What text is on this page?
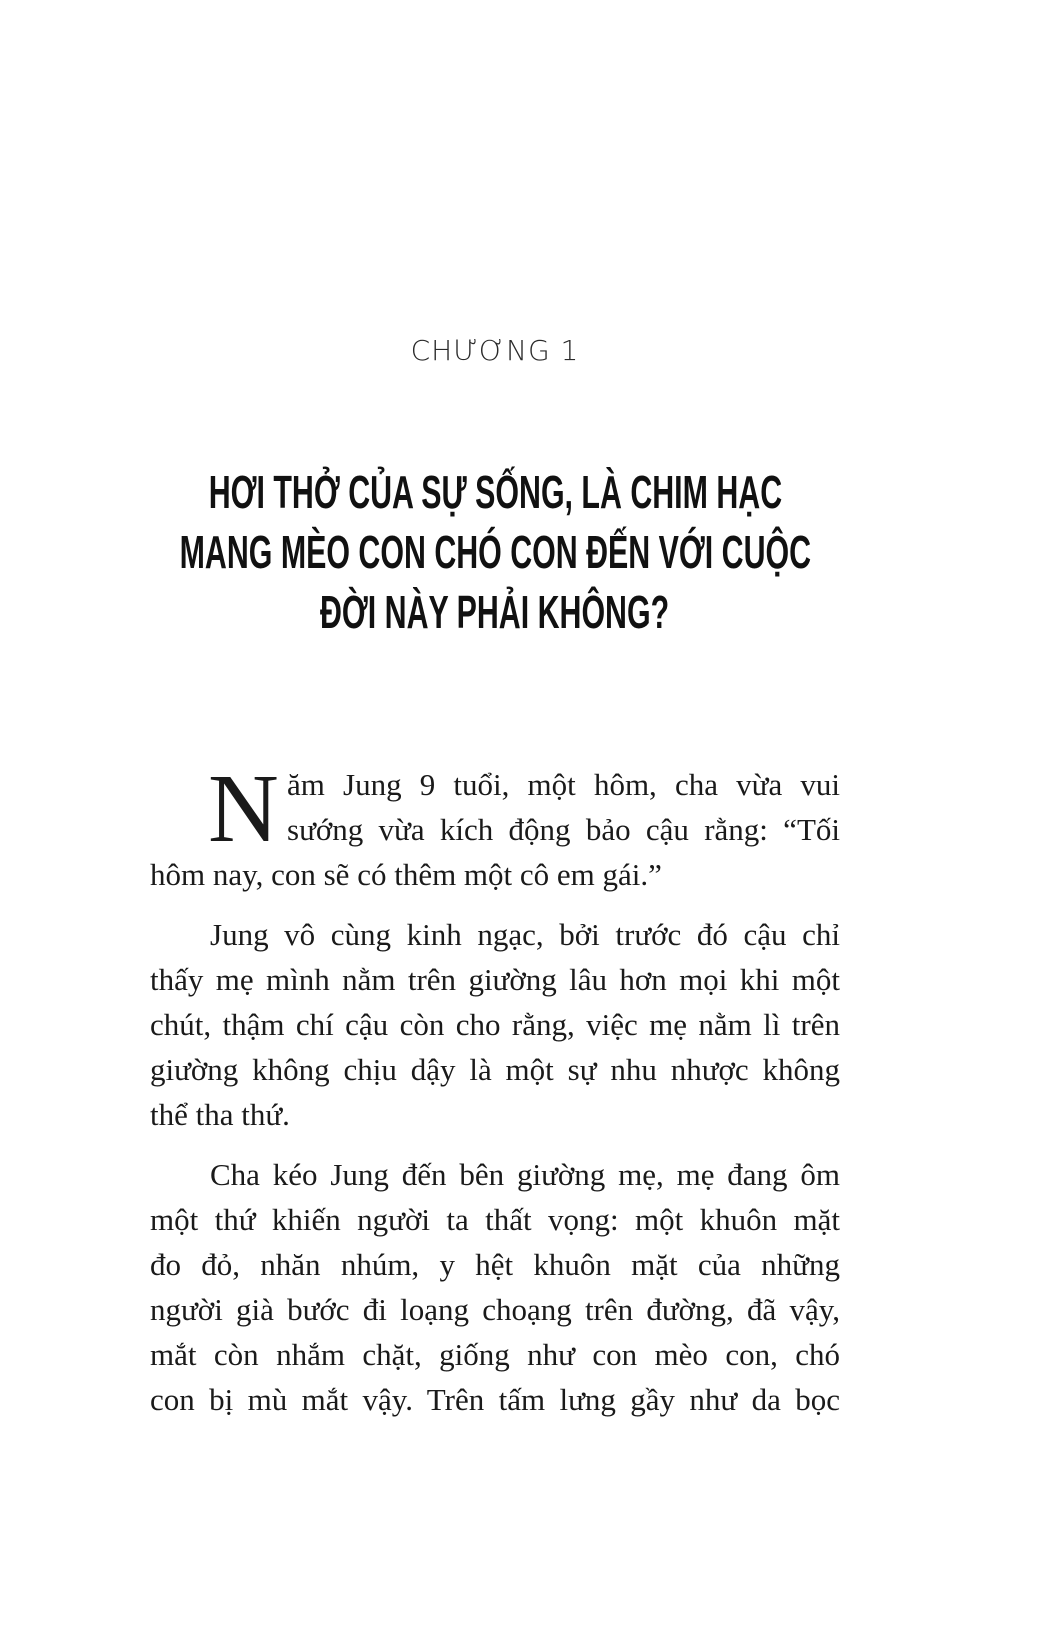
CHƯƠNG 1
HƠI THỞ CỦA SỰ SỐNG, LÀ CHIM HẠC
MANG MÈO CON CHÓ CON ĐẾN VỚI CUỘC
ĐỜI NÀY PHẢI KHÔNG?
N ăm Jung 9 tuổi, một hôm, cha vừa vui
sướng vừa kích động bảo cậu rằng: “Tối
hôm nay, con sẽ có thêm một cô em gái.”
Jung vô cùng kinh ngạc, bởi trước đó cậu chỉ
thấy mẹ mình nằm trên giường lâu hơn mọi khi một
chút, thậm chí cậu còn cho rằng, việc mẹ nằm lì trên
giường không chịu dậy là một sự nhu nhược không
thể tha thứ.
Cha kéo Jung đến bên giường mẹ, mẹ đang ôm
một thứ khiến người ta thất vọng: một khuôn mặt
đo đỏ, nhăn nhúm, y hệt khuôn mặt của những
người già bước đi loạng choạng trên đường, đã vậy,
mắt còn nhắm chặt, giống như con mèo con, chó
con bị mù mắt vậy. Trên tấm lưng gầy như da bọc
